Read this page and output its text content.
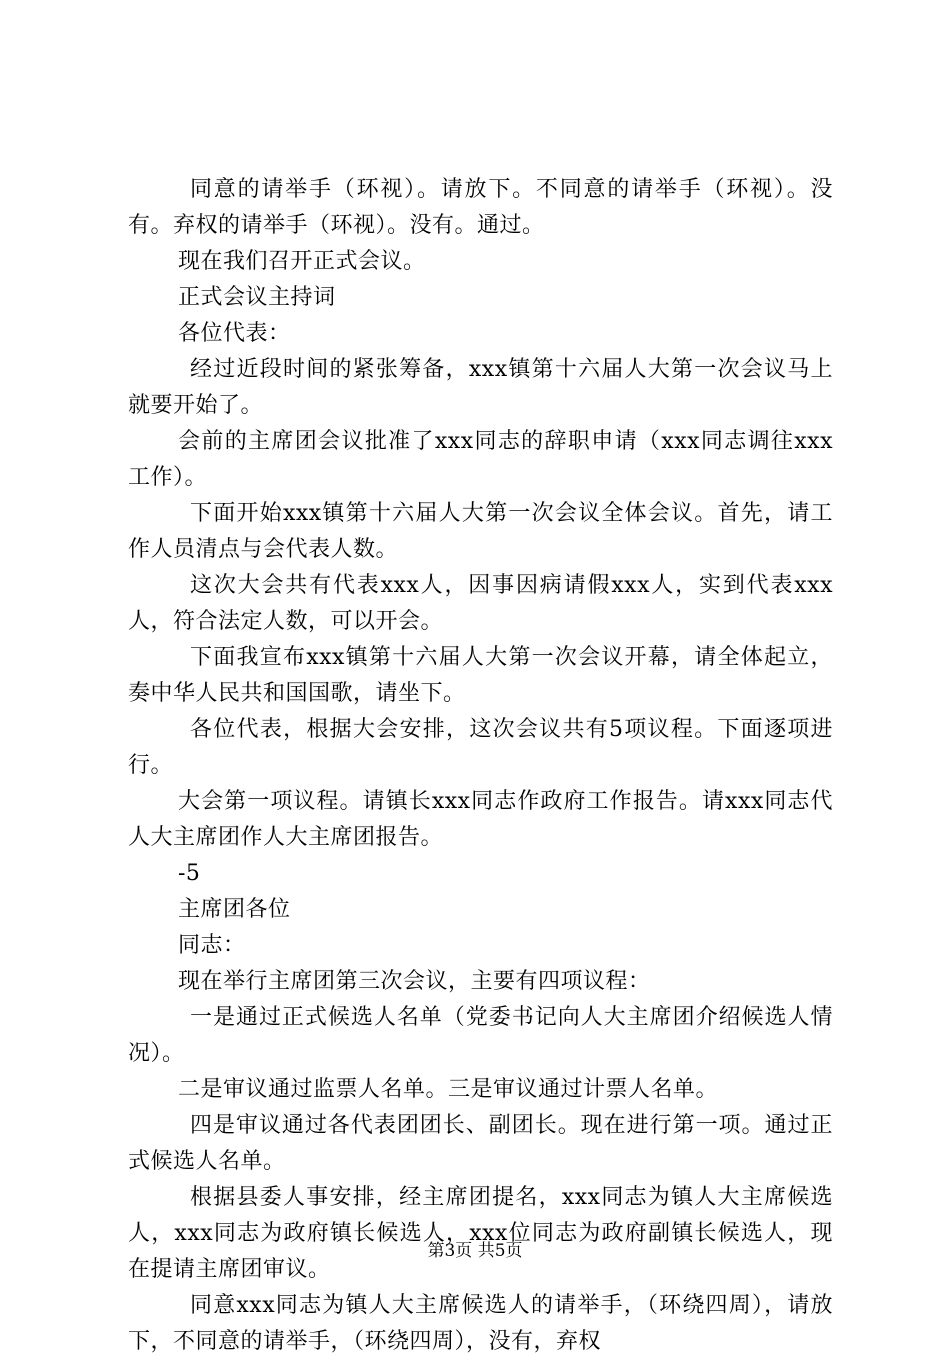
同意的请举手（环视）。请放下。不同意的请举手（环视）。没有。弃权的请举手（环视）。没有。通过。

现在我们召开正式会议。

正式会议主持词

各位代表：

经过近段时间的紧张筹备，xxx镇第十六届人大第一次会议马上就要开始了。

会前的主席团会议批准了xxx同志的辞职申请（xxx同志调往xxx工作）。

下面开始xxx镇第十六届人大第一次会议全体会议。首先，请工作人员清点与会代表人数。

这次大会共有代表xxx人，因事因病请假xxx人，实到代表xxx人，符合法定人数，可以开会。

下面我宣布xxx镇第十六届人大第一次会议开幕，请全体起立，奏中华人民共和国国歌，请坐下。

各位代表，根据大会安排，这次会议共有5项议程。下面逐项进行。

大会第一项议程。请镇长xxx同志作政府工作报告。请xxx同志代人大主席团作人大主席团报告。

-5

主席团各位

同志：

现在举行主席团第三次会议，主要有四项议程：

一是通过正式候选人名单（党委书记向人大主席团介绍候选人情况）。

二是审议通过监票人名单。三是审议通过计票人名单。

四是审议通过各代表团团长、副团长。现在进行第一项。通过正式候选人名单。

根据县委人事安排，经主席团提名，xxx同志为镇人大主席候选人，xxx同志为政府镇长候选人，xxx位同志为政府副镇长候选人，现在提请主席团审议。

同意xxx同志为镇人大主席候选人的请举手，（环绕四周），请放下，不同意的请举手，（环绕四周），没有，弃权

第3页 共5页
